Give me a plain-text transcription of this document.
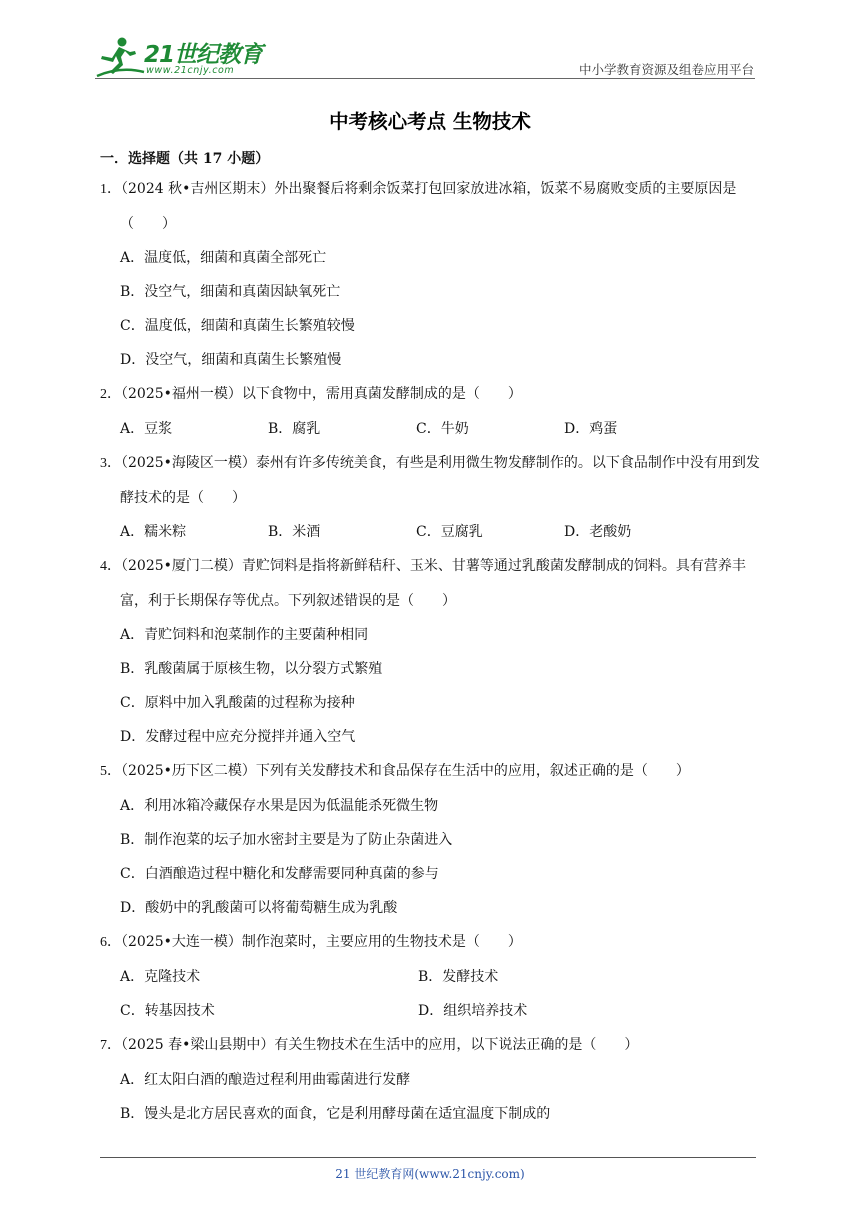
21世纪教育
www.21cnjy.com	中小学教育资源及组卷应用平台
中考核心考点 生物技术
一．选择题（共 17 小题）
1．（2024 秋•吉州区期末）外出聚餐后将剩余饭菜打包回家放进冰箱，饭菜不易腐败变质的主要原因是（　　）
A．温度低，细菌和真菌全部死亡
B．没空气，细菌和真菌因缺氧死亡
C．温度低，细菌和真菌生长繁殖较慢
D．没空气，细菌和真菌生长繁殖慢
2．（2025•福州一模）以下食物中，需用真菌发酵制成的是（　　）
A．豆浆	B．腐乳	C．牛奶	D．鸡蛋
3．（2025•海陵区一模）泰州有许多传统美食，有些是利用微生物发酵制作的。以下食品制作中没有用到发酵技术的是（　　）
A．糯米粽	B．米酒	C．豆腐乳	D．老酸奶
4．（2025•厦门二模）青贮饲料是指将新鲜秸秆、玉米、甘薯等通过乳酸菌发酵制成的饲料。具有营养丰富，利于长期保存等优点。下列叙述错误的是（　　）
A．青贮饲料和泡菜制作的主要菌种相同
B．乳酸菌属于原核生物，以分裂方式繁殖
C．原料中加入乳酸菌的过程称为接种
D．发酵过程中应充分搅拌并通入空气
5．（2025•历下区二模）下列有关发酵技术和食品保存在生活中的应用，叙述正确的是（　　）
A．利用冰箱冷藏保存水果是因为低温能杀死微生物
B．制作泡菜的坛子加水密封主要是为了防止杂菌进入
C．白酒酿造过程中糖化和发酵需要同种真菌的参与
D．酸奶中的乳酸菌可以将葡萄糖生成为乳酸
6．（2025•大连一模）制作泡菜时，主要应用的生物技术是（　　）
A．克隆技术	B．发酵技术
C．转基因技术	D．组织培养技术
7．（2025 春•梁山县期中）有关生物技术在生活中的应用，以下说法正确的是（　　）
A．红太阳白酒的酿造过程利用曲霉菌进行发酵
B．馒头是北方居民喜欢的面食，它是利用酵母菌在适宜温度下制成的
21 世纪教育网(www.21cnjy.com)
